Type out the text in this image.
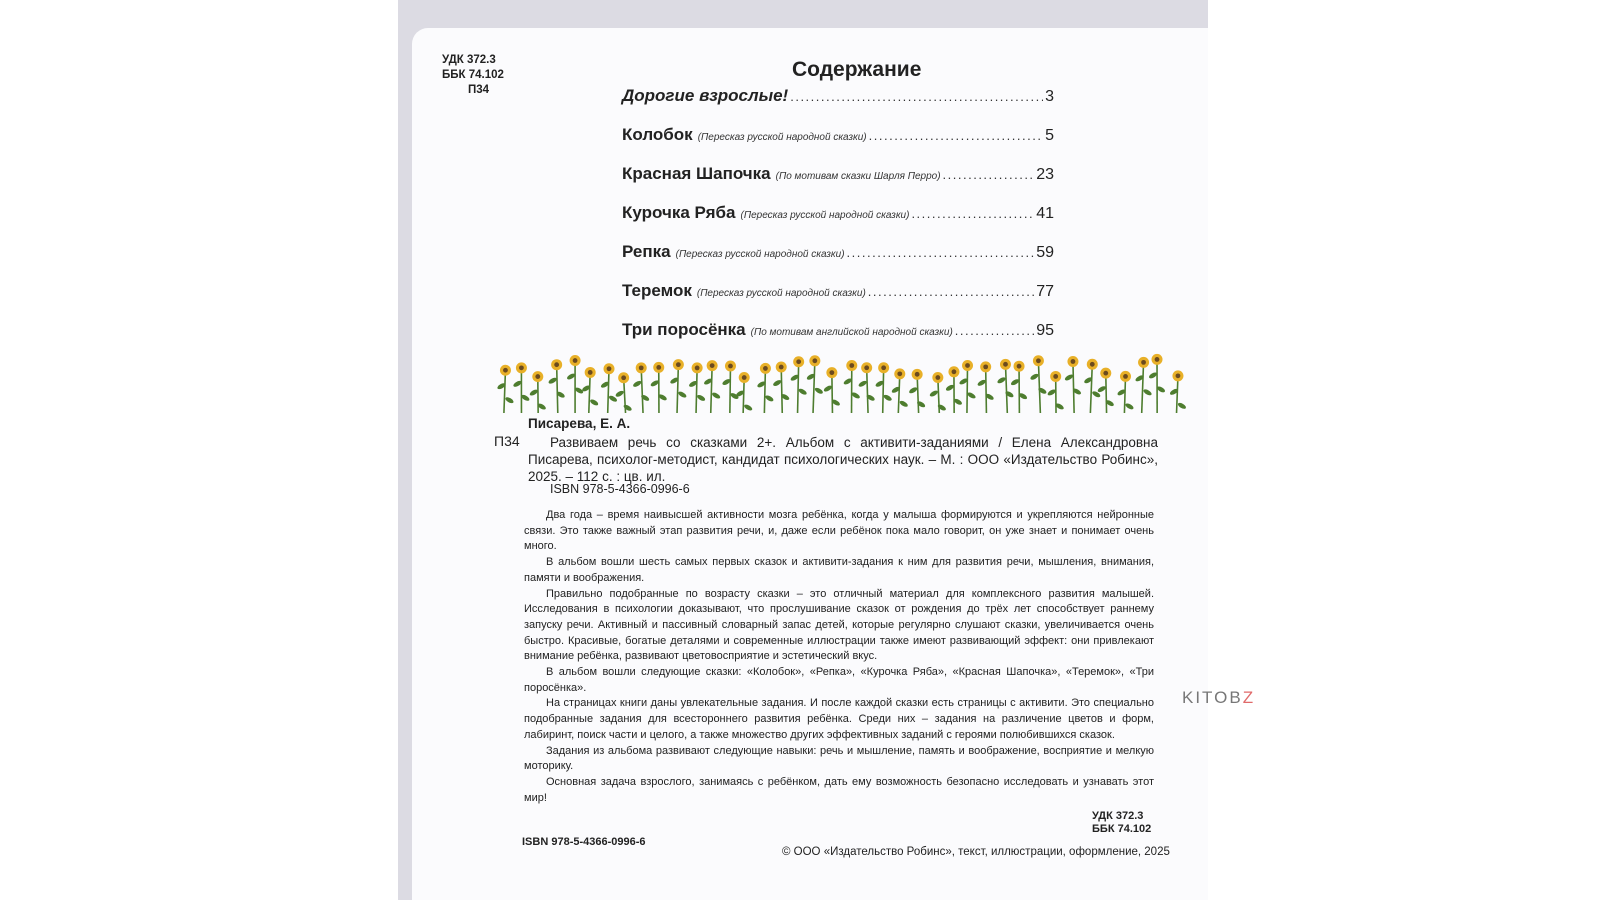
УДК 372.3
ББК 74.102
П34
Содержание
Дорогие взрослые! .....	3
Колобок (Пересказ русской народной сказки) .....	5
Красная Шапочка (По мотивам сказки Шарля Перро) .....	23
Курочка Ряба (Пересказ русской народной сказки) .....	41
Репка (Пересказ русской народной сказки) .....	59
Теремок (Пересказ русской народной сказки) .....	77
Три поросёнка (По мотивам английской народной сказки) .....	95
Писарева, Е. А.
П34	Развиваем речь со сказками 2+. Альбом с активити-заданиями / Елена Александровна Писарева, психолог-методист, кандидат психологических наук. – М. : ООО «Издательство Робинс», 2025. – 112 с. : цв. ил.
ISBN 978-5-4366-0996-6

Два года – время наивысшей активности мозга ребёнка, когда у малыша формируются и укрепляются нейронные связи. Это также важный этап развития речи, и, даже если ребёнок пока мало говорит, он уже знает и понимает очень много.

В альбом вошли шесть самых первых сказок и активити-задания к ним для развития речи, мышления, внимания, памяти и воображения.

Правильно подобранные по возрасту сказки – это отличный материал для комплексного развития малышей. Исследования в психологии доказывают, что прослушивание сказок от рождения до трёх лет способствует раннему запуску речи. Активный и пассивный словарный запас детей, которые регулярно слушают сказки, увеличивается очень быстро. Красивые, богатые деталями и современные иллюстрации также имеют развивающий эффект: они привлекают внимание ребёнка, развивают цветовосприятие и эстетический вкус.

В альбом вошли следующие сказки: «Колобок», «Репка», «Курочка Ряба», «Красная Шапочка», «Теремок», «Три поросёнка».

На страницах книги даны увлекательные задания. И после каждой сказки есть страницы с активити. Это специально подобранные задания для всестороннего развития ребёнка. Среди них – задания на различение цветов и форм, лабиринт, поиск части и целого, а также множество других эффективных заданий с героями полюбившихся сказок.

Задания из альбома развивают следующие навыки: речь и мышление, память и воображение, восприятие и мелкую моторику.

Основная задача взрослого, занимаясь с ребёнком, дать ему возможность безопасно исследовать и узнавать этот мир!

УДК 372.3
ББК 74.102
ISBN 978-5-4366-0996-6
© ООО «Издательство Робинс», текст, иллюстрации, оформление, 2025
KITOBZ
